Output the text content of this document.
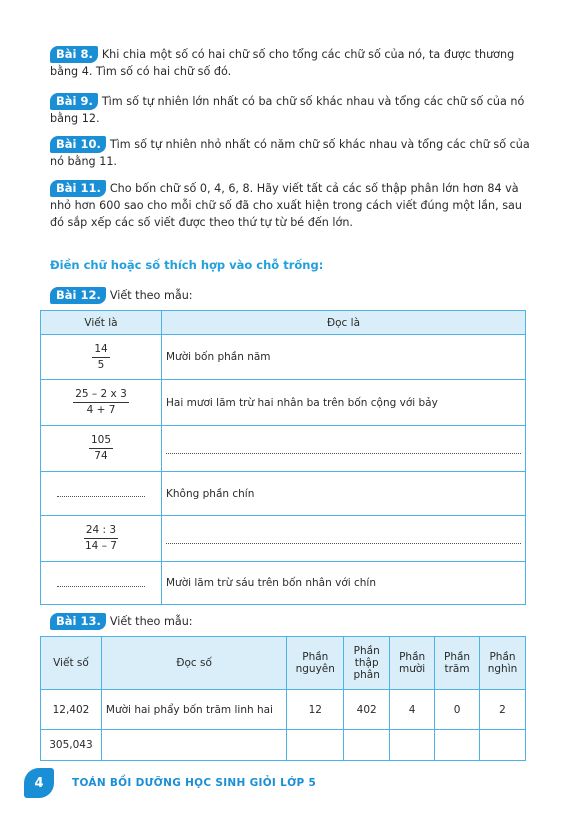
Bài 8. Khi chia một số có hai chữ số cho tổng các chữ số của nó, ta được thương bằng 4. Tìm số có hai chữ số đó.
Bài 9. Tìm số tự nhiên lớn nhất có ba chữ số khác nhau và tổng các chữ số của nó bằng 12.
Bài 10. Tìm số tự nhiên nhỏ nhất có năm chữ số khác nhau và tổng các chữ số của nó bằng 11.
Bài 11. Cho bốn chữ số 0, 4, 6, 8. Hãy viết tất cả các số thập phân lớn hơn 84 và nhỏ hơn 600 sao cho mỗi chữ số đã cho xuất hiện trong cách viết đúng một lần, sau đó sắp xếp các số viết được theo thứ tự từ bé đến lớn.
Điền chữ hoặc số thích hợp vào chỗ trống:
Bài 12. Viết theo mẫu:
Viết là	Đọc là

$\frac{14}{5}$	Mười bốn phần năm

$\frac{25 - 2 x 3}{4 + 7}$	Hai mươi lăm trừ hai nhân ba trên bốn cộng với bảy

$\frac{105}{74}$

	Không phần chín

$\frac{24 : 3}{14 - 7}$

	Mười lăm trừ sáu trên bốn nhân với chín
Bài 13. Viết theo mẫu:
Viết số	Đọc số	Phần nguyên	Phần thập phân	Phần mười	Phần trăm	Phần nghìn
12,402	Mười hai phẩy bốn trăm linh hai	12	402	4	0	2
305,043						
4	TOÁN BỒI DƯỠNG HỌC SINH GIỎI LỚP 5
